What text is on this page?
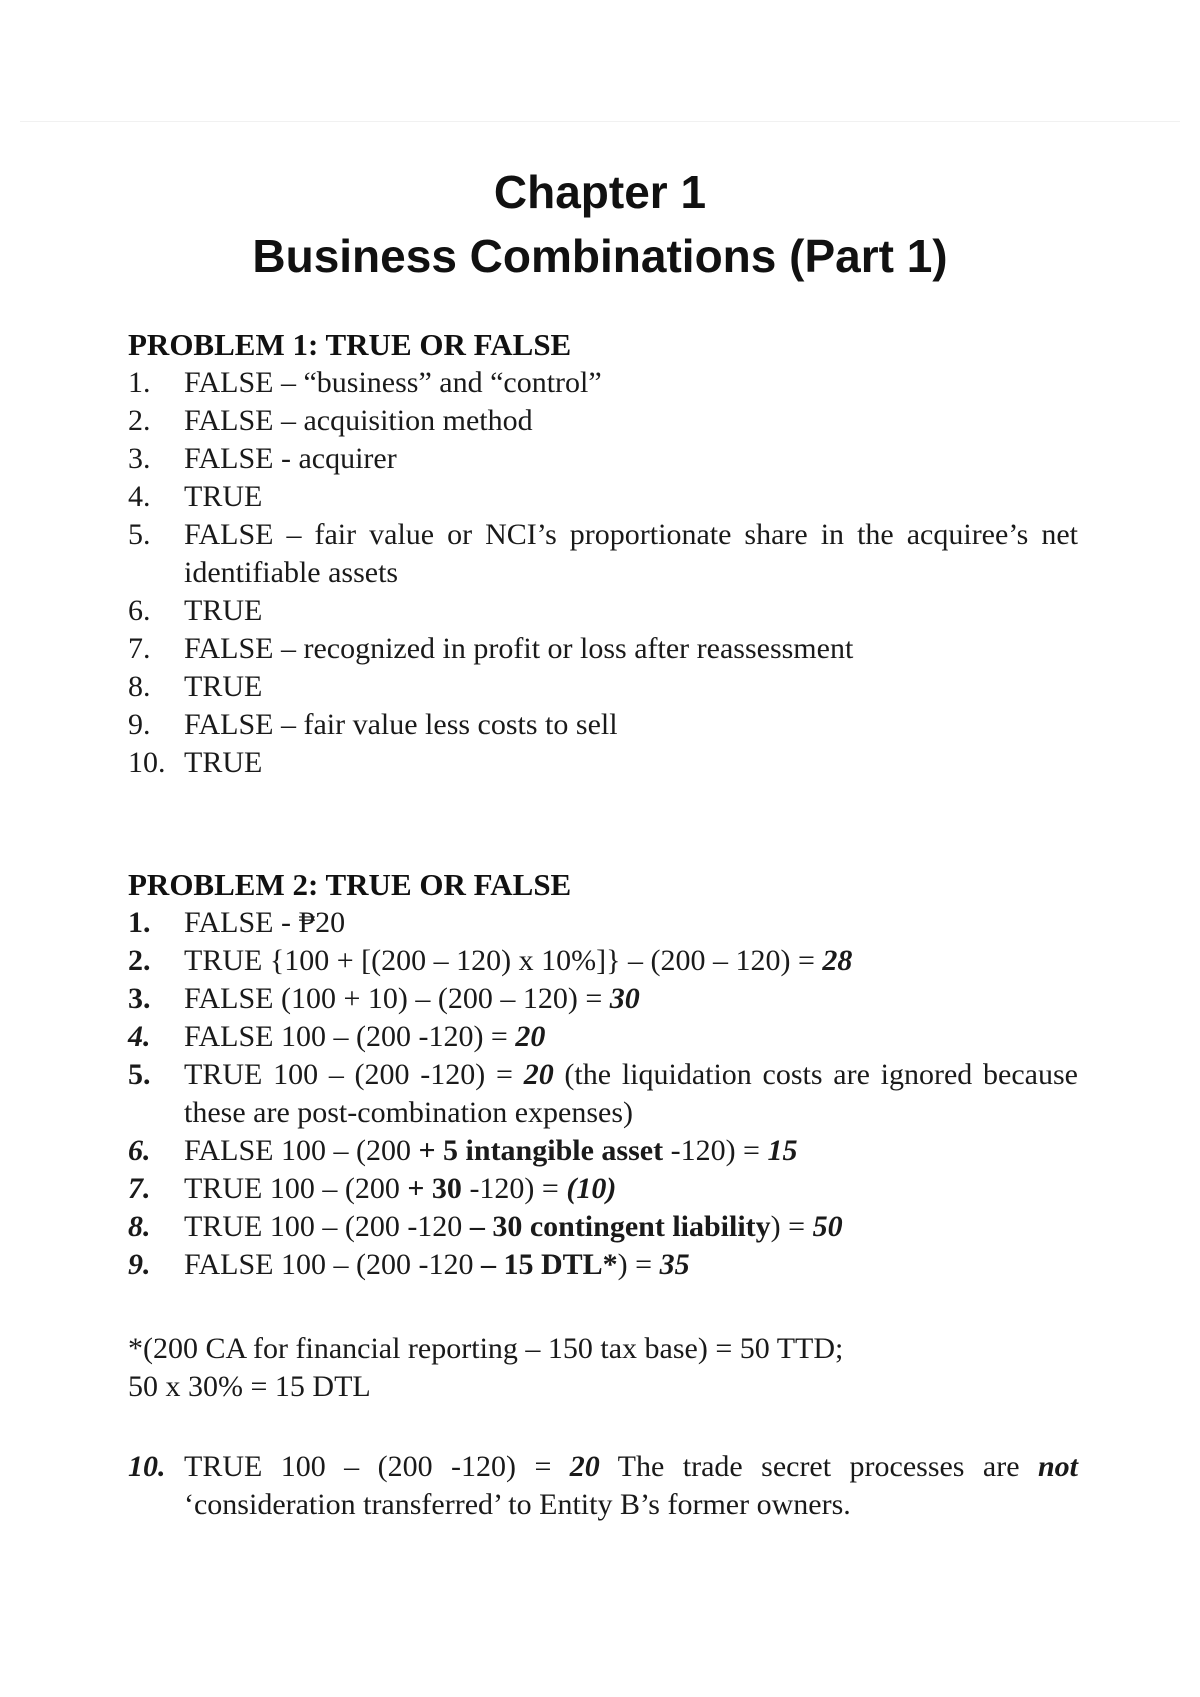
Chapter 1
Business Combinations (Part 1)
PROBLEM 1: TRUE OR FALSE
1.	FALSE – “business” and “control”
2.	FALSE – acquisition method
3.	FALSE - acquirer
4.	TRUE
5.	FALSE – fair value or NCI’s proportionate share in the acquiree’s net identifiable assets
6.	TRUE
7.	FALSE – recognized in profit or loss after reassessment
8.	TRUE
9.	FALSE – fair value less costs to sell
10. TRUE
PROBLEM 2: TRUE OR FALSE
1.	FALSE - ₱20
2.	TRUE {100 + [(200 – 120) x 10%]} – (200 – 120) = 28
3.	FALSE (100 + 10) – (200 – 120) = 30
4.	FALSE 100 – (200 -120) = 20
5.	TRUE 100 – (200 -120) = 20 (the liquidation costs are ignored because these are post-combination expenses)
6.	FALSE 100 – (200 + 5 intangible asset -120) = 15
7.	TRUE 100 – (200 + 30 -120) = (10)
8.	TRUE 100 – (200 -120 – 30 contingent liability) = 50
9.	FALSE 100 – (200 -120 – 15 DTL*) = 35
*(200 CA for financial reporting – 150 tax base) = 50 TTD;
50 x 30% = 15 DTL
10. TRUE 100 – (200 -120) = 20 The trade secret processes are not ‘consideration transferred’ to Entity B’s former owners.
